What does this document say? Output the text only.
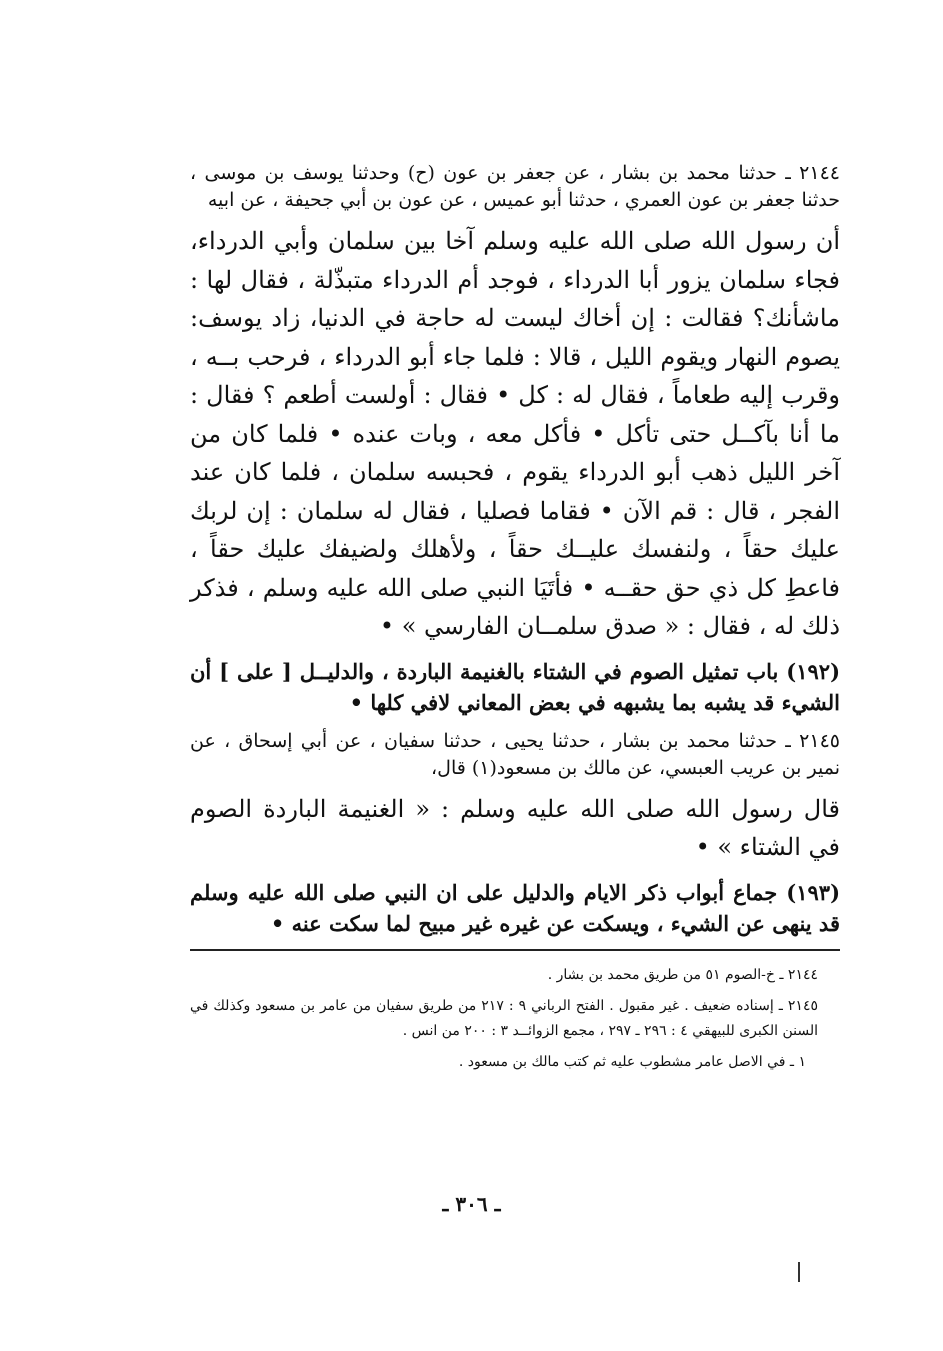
٢١٤٤ ـ حدثنا محمد بن بشار ، عن جعفر بن عون (ح) وحدثنا يوسف بن موسى ، حدثنا جعفر بن عون العمري ، حدثنا أبو عميس ، عن عون بن أبي جحيفة ، عن ابيه

أن رسول الله صلى الله عليه وسلم آخا بين سلمان وأبي الدرداء، فجاء سلمان يزور أبا الدرداء ، فوجد أم الدرداء متبذّلة ، فقال لها : ماشأنك؟ فقالت : إن أخاك ليست له حاجة في الدنيا، زاد يوسف: يصوم النهار ويقوم الليل ، قالا : فلما جاء أبو الدرداء ، فرحب بــه ، وقرب إليه طعاماً ، فقال له : كل • فقال : أولست أطعم ؟ فقال : ما أنا بآكــل حتى تأكل • فأكل معه ، وبات عنده • فلما كان من آخر الليل ذهب أبو الدرداء يقوم ، فحبسه سلمان ، فلما كان عند الفجر ، قال : قم الآن • فقاما فصليا ، فقال له سلمان : إن لربك عليك حقاً ، ولنفسك عليــك حقاً ، ولأهلك ولضيفك عليك حقاً ، فاعطِ كل ذي حق حقــه • فأتَيَا النبي صلى الله عليه وسلم ، فذكر ذلك له ، فقال : « صدق سلمــان الفارسي » •

(١٩٢) باب تمثيل الصوم في الشتاء بالغنيمة الباردة ، والدليــل [ على ] أن الشيء قد يشبه بما يشبهه في بعض المعاني لافي كلها •

٢١٤٥ ـ حدثنا محمد بن بشار ، حدثنا يحيى ، حدثنا سفيان ، عن أبي إسحاق ، عن نمير بن عريب العبسي، عن مالك بن مسعود(١) قال،

قال رسول الله صلى الله عليه وسلم : « الغنيمة الباردة الصوم في الشتاء » •

(١٩٣) جماع أبواب ذكر الايام والدليل على ان النبي صلى الله عليه وسلم قد ينهى عن الشيء ، ويسكت عن غيره غير مبيح لما سكت عنه •

٢١٤٤ ـ خ-الصوم ٥١ من طريق محمد بن بشار .

٢١٤٥ ـ إسناده ضعيف . غير مقبول . الفتح الرباني ٩ : ٢١٧ من طريق سفيان من عامر بن مسعود وكذلك في السنن الكبرى للبيهقي ٤ : ٢٩٦ ـ ٢٩٧ ، مجمع الزوائــد ٣ : ٢٠٠ من انس .

١ ـ في الاصل عامر مشطوب عليه ثم كتب مالك بن مسعود .

ـ ٣٠٦ ـ
